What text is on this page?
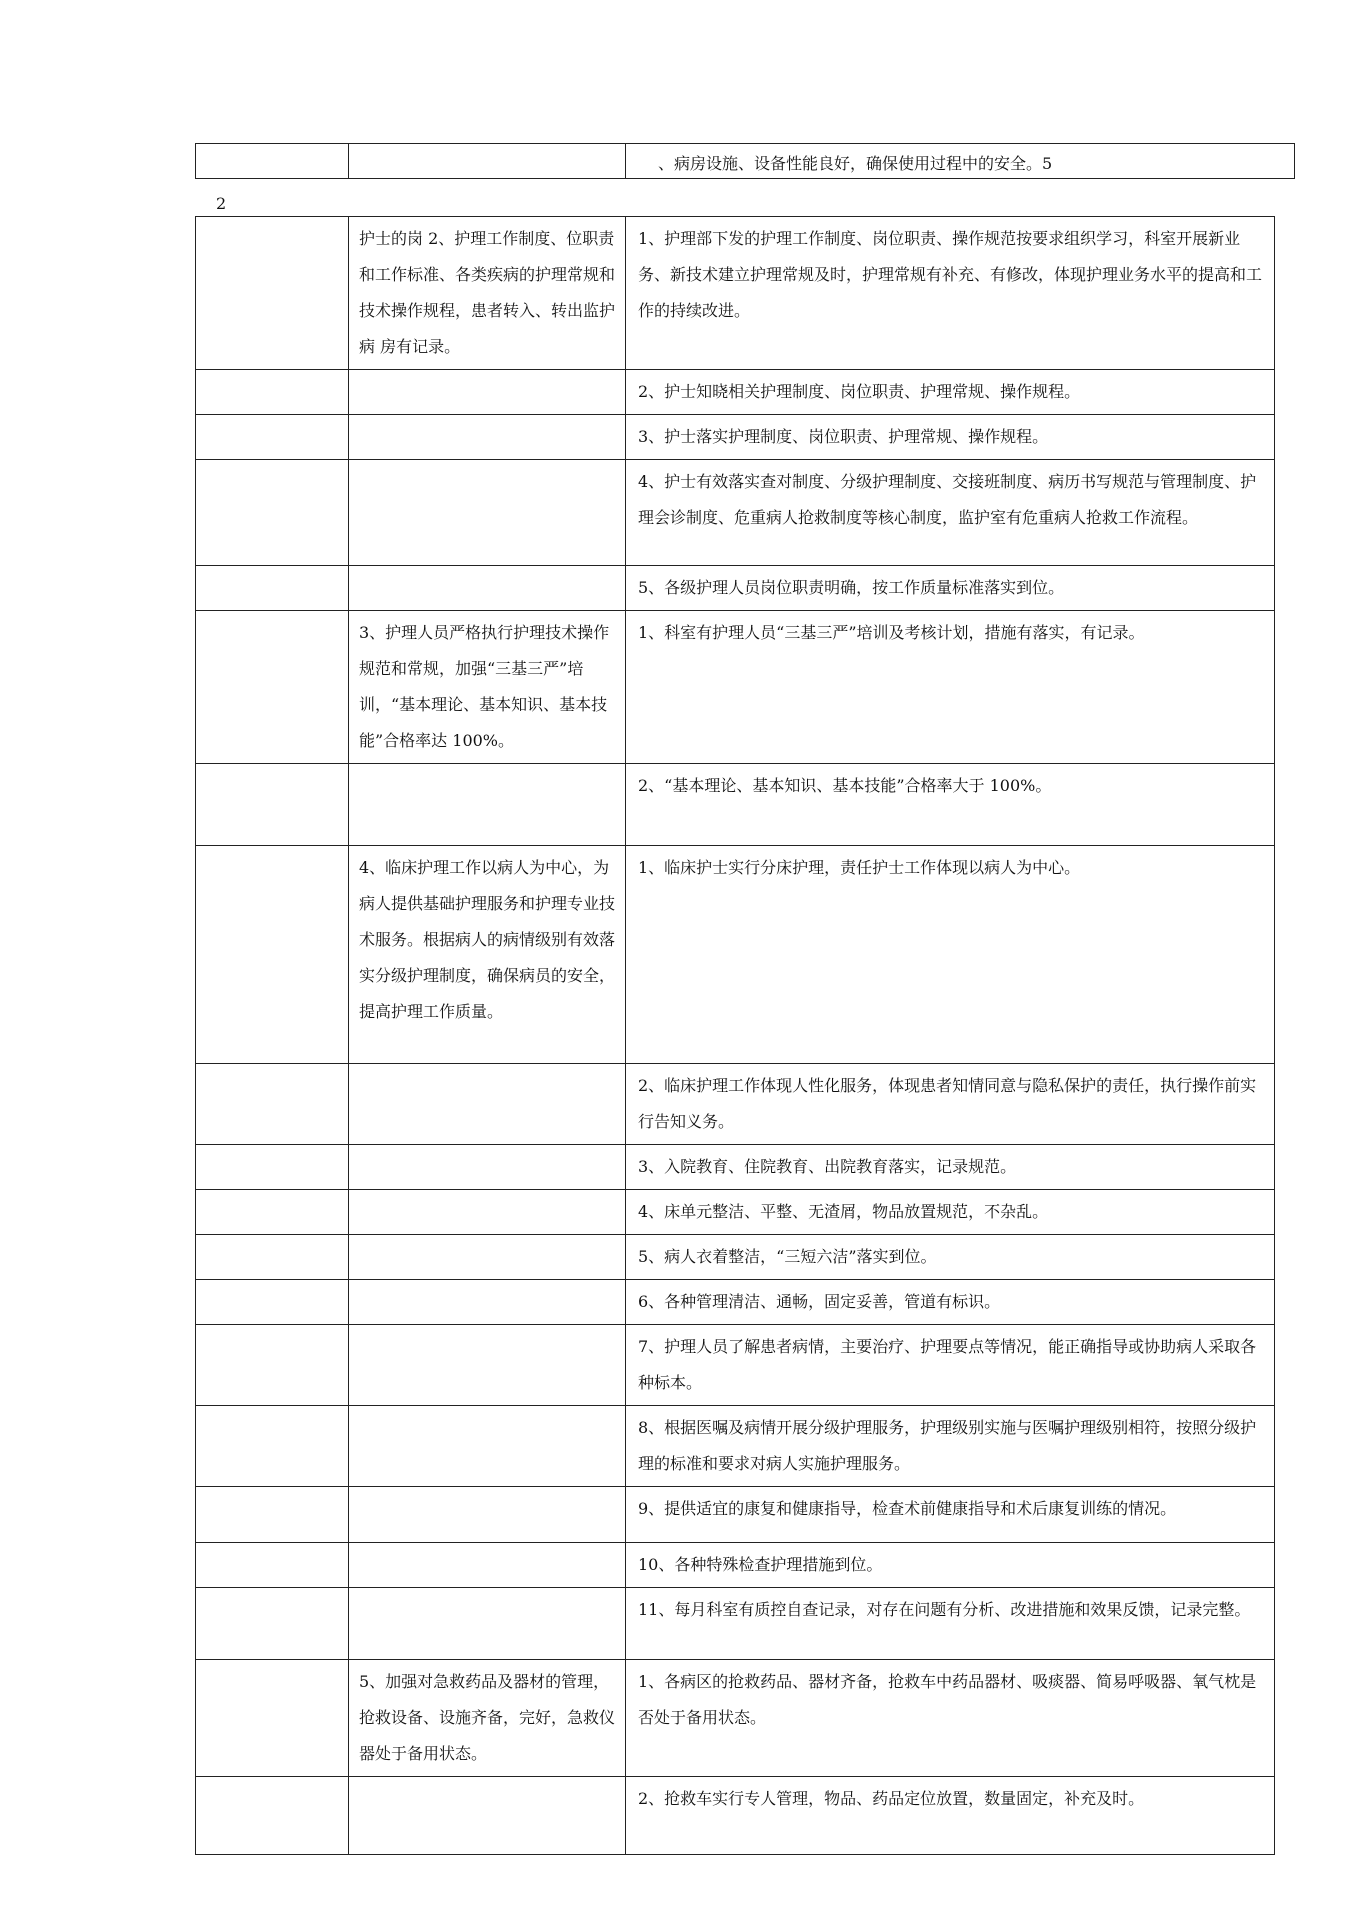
		、病房设施、设备性能良好，确保使用过程中的安全。5
2
	护士的岗 2、护理工作制度、位职责和工作标准、各类疾病的护理常规和技术操作规程，患者转入、转出监护病 房有记录。	1、护理部下发的护理工作制度、岗位职责、操作规范按要求组织学习，科室开展新业务、新技术建立护理常规及时，护理常规有补充、有修改，体现护理业务水平的提高和工作的持续改进。
		2、护士知晓相关护理制度、岗位职责、护理常规、操作规程。
		3、护士落实护理制度、岗位职责、护理常规、操作规程。
		4、护士有效落实查对制度、分级护理制度、交接班制度、病历书写规范与管理制度、护理会诊制度、危重病人抢救制度等核心制度，监护室有危重病人抢救工作流程。
		5、各级护理人员岗位职责明确，按工作质量标准落实到位。
	3、护理人员严格执行护理技术操作规范和常规，加强“三基三严”培训，“基本理论、基本知识、基本技能”合格率达 100%。	1、科室有护理人员“三基三严”培训及考核计划，措施有落实，有记录。
		2、“基本理论、基本知识、基本技能”合格率大于 100%。
	4、临床护理工作以病人为中心，为病人提供基础护理服务和护理专业技术服务。根据病人的病情级别有效落实分级护理制度，确保病员的安全，提高护理工作质量。	1、临床护士实行分床护理，责任护士工作体现以病人为中心。
		2、临床护理工作体现人性化服务，体现患者知情同意与隐私保护的责任，执行操作前实行告知义务。
		3、入院教育、住院教育、出院教育落实，记录规范。
		4、床单元整洁、平整、无渣屑，物品放置规范，不杂乱。
		5、病人衣着整洁，“三短六洁”落实到位。
		6、各种管理清洁、通畅，固定妥善，管道有标识。
		7、护理人员了解患者病情，主要治疗、护理要点等情况，能正确指导或协助病人采取各种标本。
		8、根据医嘱及病情开展分级护理服务，护理级别实施与医嘱护理级别相符，按照分级护理的标准和要求对病人实施护理服务。
		9、提供适宜的康复和健康指导，检查术前健康指导和术后康复训练的情况。
		10、各种特殊检查护理措施到位。
		11、每月科室有质控自查记录，对存在问题有分析、改进措施和效果反馈，记录完整。
	5、加强对急救药品及器材的管理，抢救设备、设施齐备，完好，急救仪器处于备用状态。	1、各病区的抢救药品、器材齐备，抢救车中药品器材、吸痰器、简易呼吸器、氧气枕是否处于备用状态。
		2、抢救车实行专人管理，物品、药品定位放置，数量固定，补充及时。
